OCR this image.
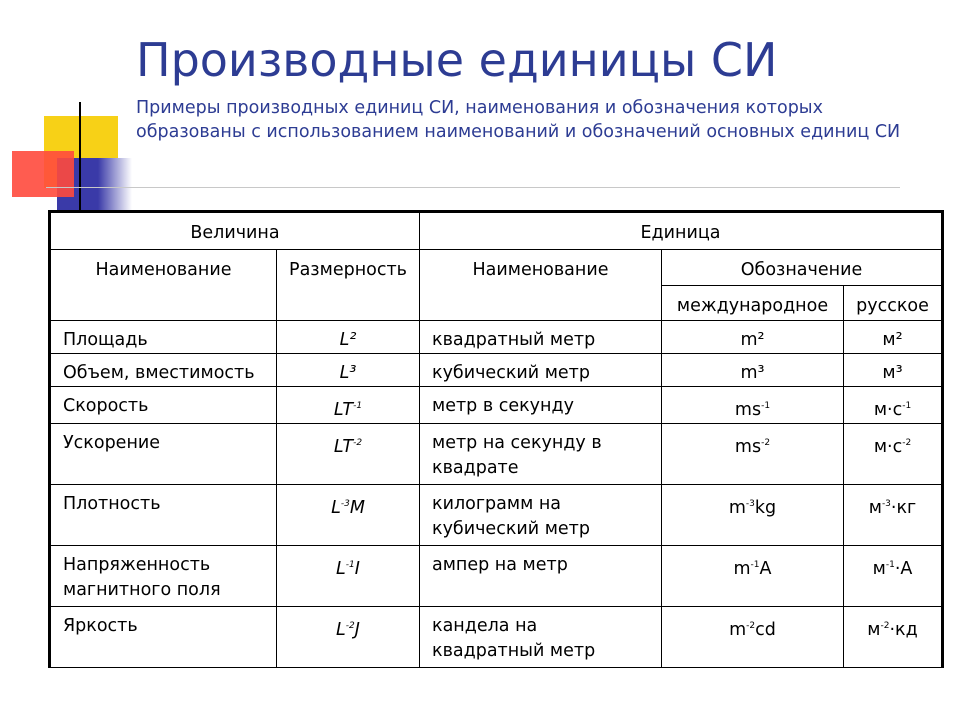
Производные единицы СИ
Примеры производных единиц СИ, наименования и обозначения которых образованы с использованием наименований и обозначений основных единиц СИ
Величина		Единица		
Наименование	Размерность	Наименование	Обозначение	
			международное	русское
Площадь	L²	квадратный метр	m²	м²
Объем, вместимость	L³	кубический метр	m³	м³
Скорость	$LT^{-1}$	метр в секунду	$ms^{-1}$	$м\cdot с^{-1}$
Ускорение	$LT^{-2}$	метр на секунду в квадрате	$ms^{-2}$	$м\cdot с^{-2}$
Плотность	$L^{-3}M$	килограмм на кубический метр	$m^{-3}kg$	$м^{-3}\cdot кг$
Напряженность магнитного поля	$L^{-1}I$	ампер на метр	$m^{-1}A$	$м^{-1}\cdot А$
Яркость	$L^{-2}J$	кандела на квадратный метр	$m^{-2}cd$	$м^{-2}\cdot кд$
